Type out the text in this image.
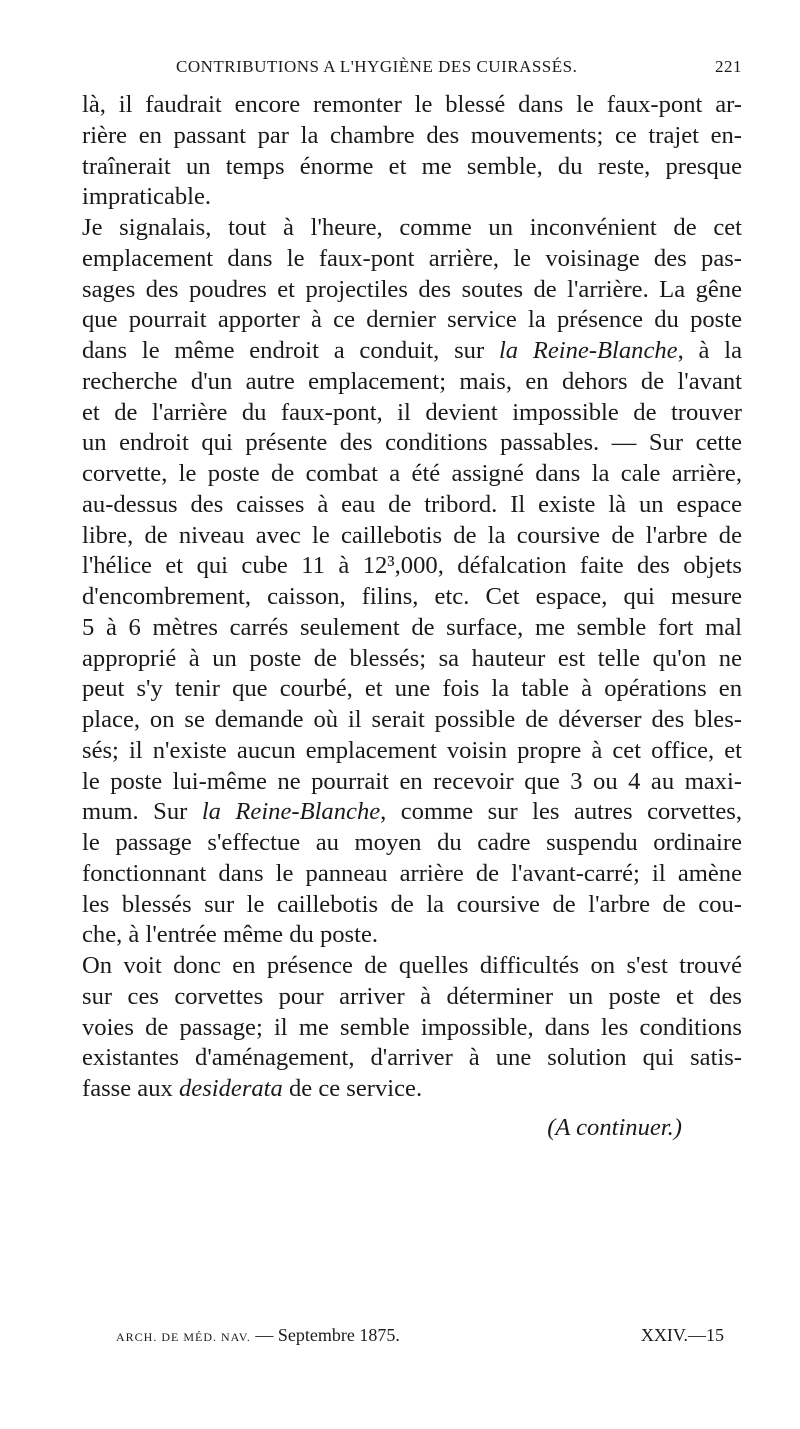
CONTRIBUTIONS A L'HYGIÈNE DES CUIRASSÉS.	221
là, il faudrait encore remonter le blessé dans le faux-pont ar-
rière en passant par la chambre des mouvements; ce trajet en-
traînerait un temps énorme et me semble, du reste, presque
impraticable.
Je signalais, tout à l'heure, comme un inconvénient de cet
emplacement dans le faux-pont arrière, le voisinage des pas-
sages des poudres et projectiles des soutes de l'arrière. La gêne
que pourrait apporter à ce dernier service la présence du poste
dans le même endroit a conduit, sur la Reine-Blanche, à la
recherche d'un autre emplacement; mais, en dehors de l'avant
et de l'arrière du faux-pont, il devient impossible de trouver
un endroit qui présente des conditions passables. — Sur cette
corvette, le poste de combat a été assigné dans la cale arrière,
au-dessus des caisses à eau de tribord. Il existe là un espace
libre, de niveau avec le caillebotis de la coursive de l'arbre de
l'hélice et qui cube 11 à 12³,000, défalcation faite des objets
d'encombrement, caisson, filins, etc. Cet espace, qui mesure
5 à 6 mètres carrés seulement de surface, me semble fort mal
approprié à un poste de blessés; sa hauteur est telle qu'on ne
peut s'y tenir que courbé, et une fois la table à opérations en
place, on se demande où il serait possible de déverser des bles-
sés; il n'existe aucun emplacement voisin propre à cet office, et
le poste lui-même ne pourrait en recevoir que 3 ou 4 au maxi-
mum. Sur la Reine-Blanche, comme sur les autres corvettes,
le passage s'effectue au moyen du cadre suspendu ordinaire
fonctionnant dans le panneau arrière de l'avant-carré; il amène
les blessés sur le caillebotis de la coursive de l'arbre de cou-
che, à l'entrée même du poste.
On voit donc en présence de quelles difficultés on s'est trouvé
sur ces corvettes pour arriver à déterminer un poste et des
voies de passage; il me semble impossible, dans les conditions
existantes d'aménagement, d'arriver à une solution qui satis-
fasse aux desiderata de ce service.
(A continuer.)
ARCH. DE MÉD. NAV. — Septembre 1875.	XXIV.—15
